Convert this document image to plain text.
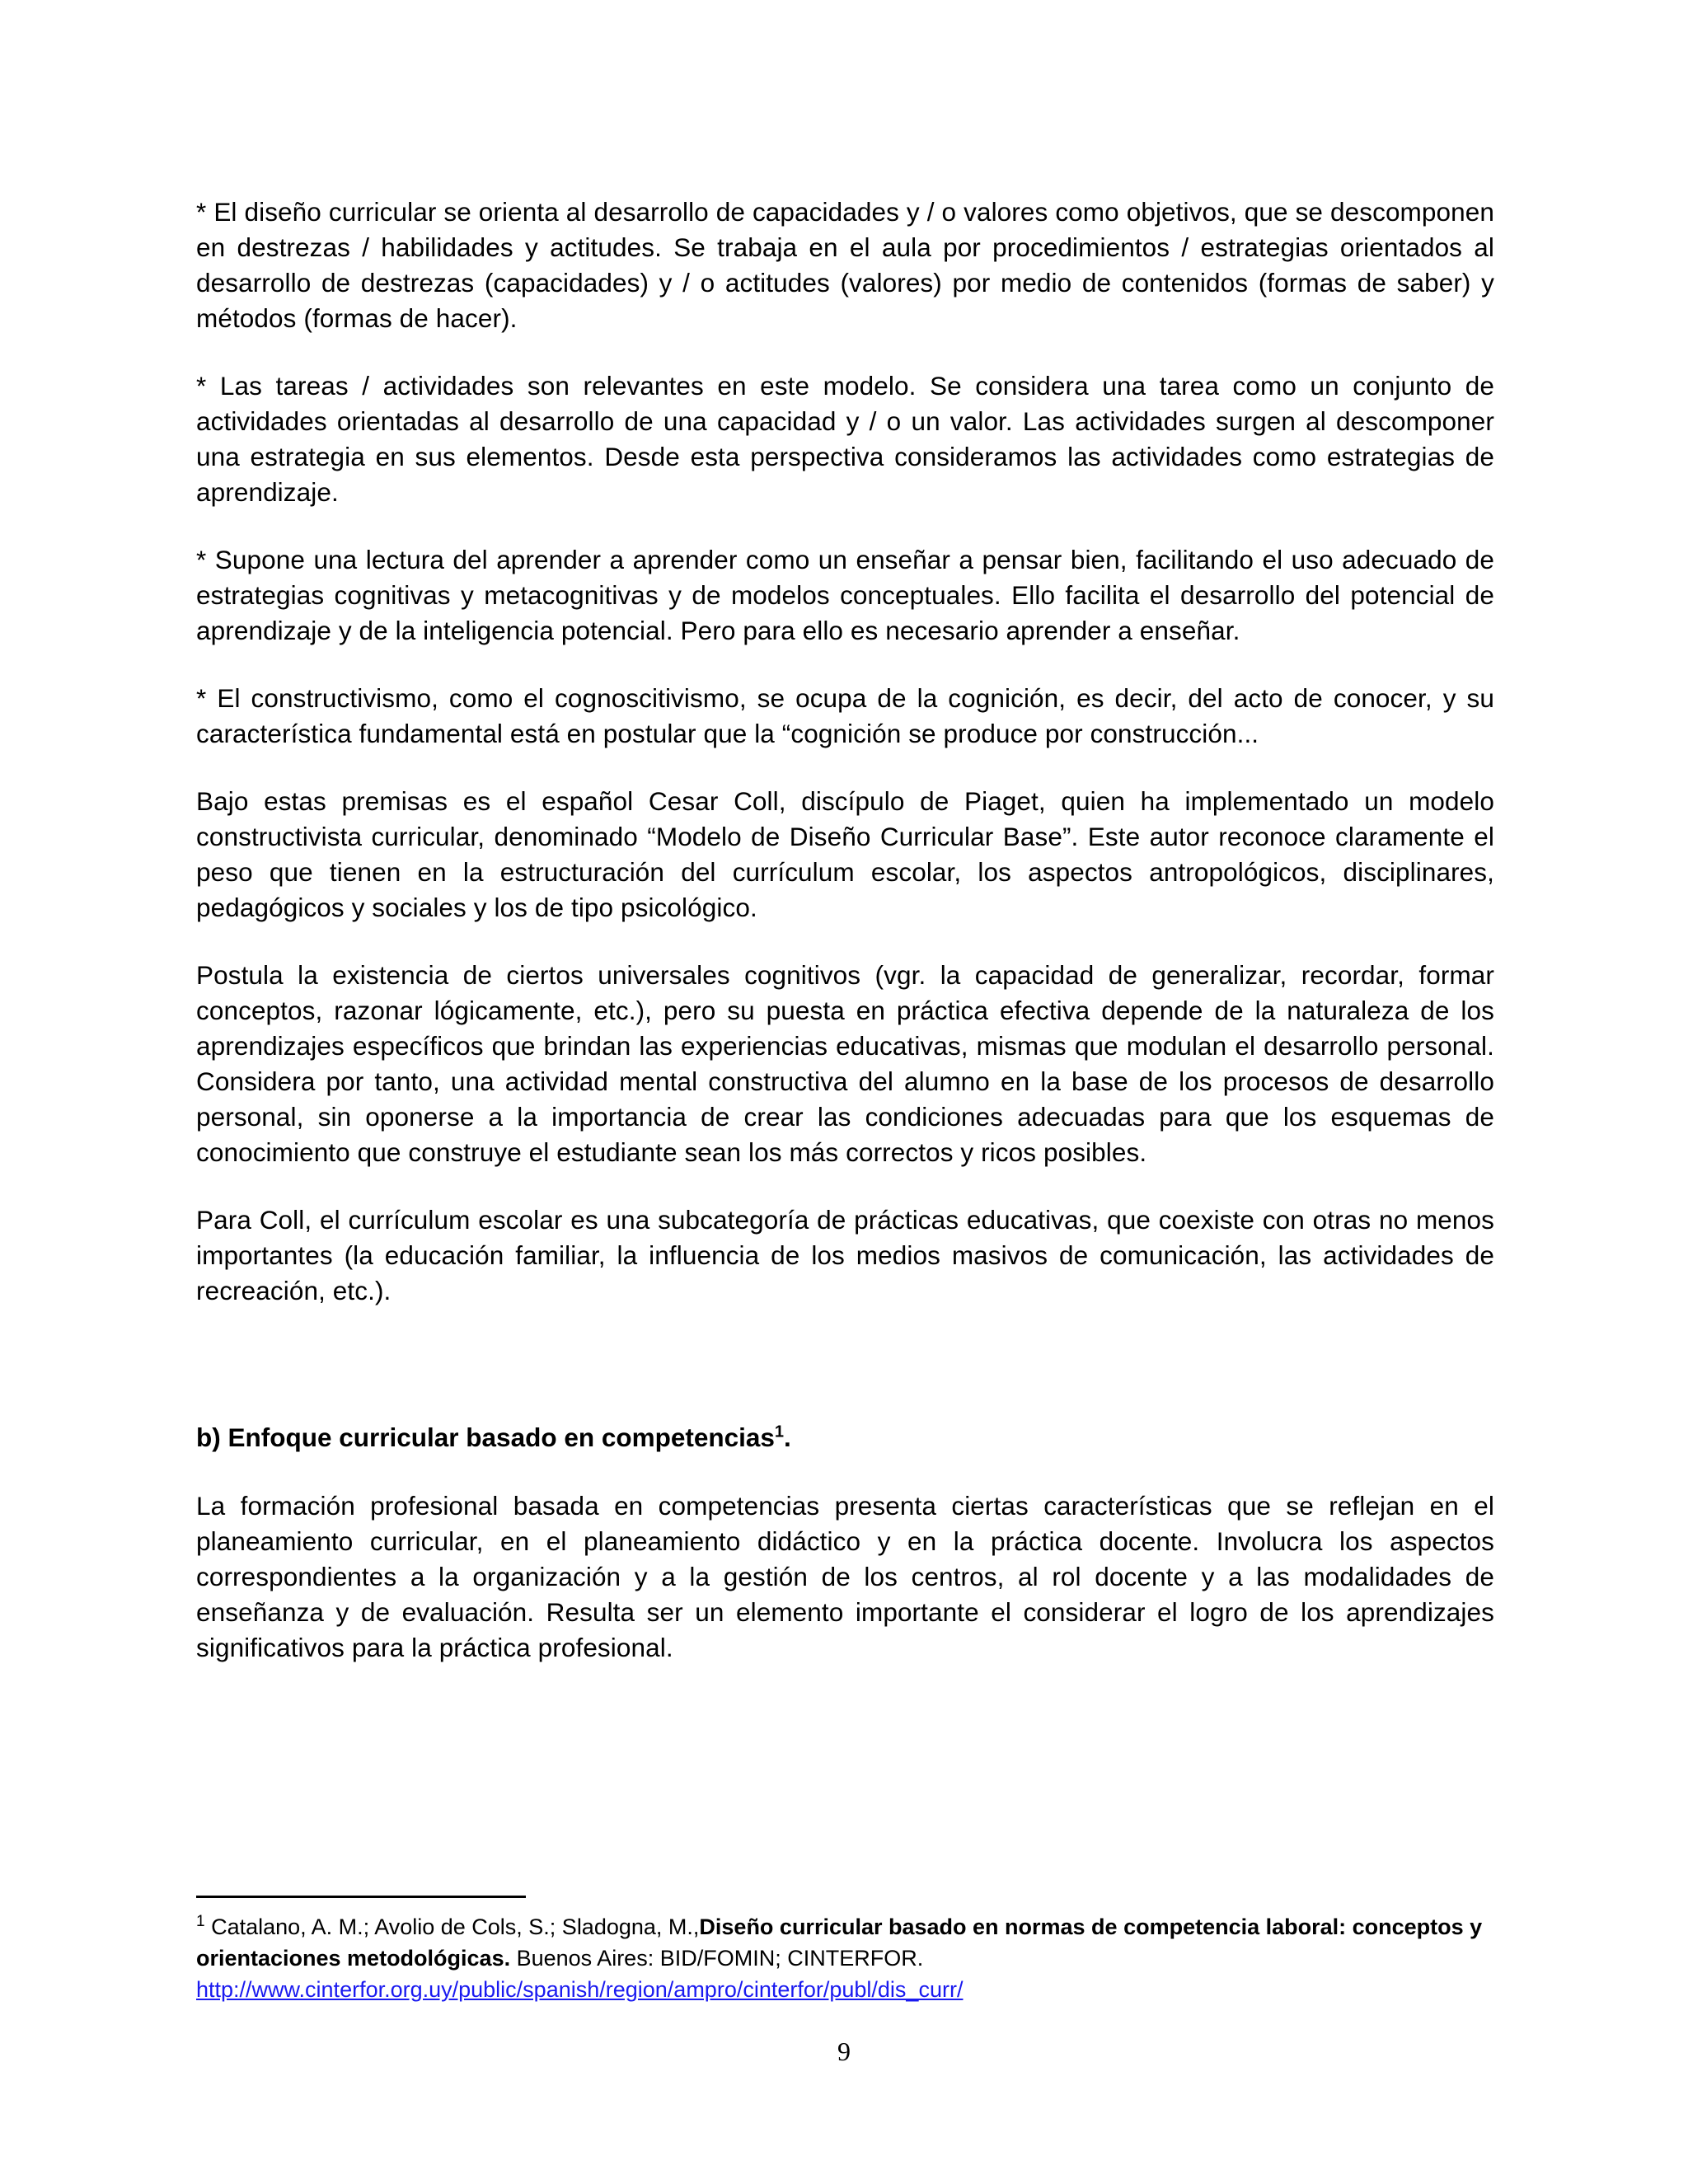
* El diseño curricular se orienta al desarrollo de capacidades y / o valores como objetivos, que se descomponen en destrezas / habilidades y actitudes. Se trabaja en el aula por procedimientos / estrategias orientados al desarrollo de destrezas (capacidades) y / o actitudes (valores) por medio de contenidos (formas de saber) y métodos (formas de hacer).

* Las tareas / actividades son relevantes en este modelo. Se considera una tarea como un conjunto de actividades orientadas al desarrollo de una capacidad y / o un valor. Las actividades surgen al descomponer una estrategia en sus elementos. Desde esta perspectiva consideramos las actividades como estrategias de aprendizaje.

* Supone una lectura del aprender a aprender como un enseñar a pensar bien, facilitando el uso adecuado de estrategias cognitivas y metacognitivas y de modelos conceptuales. Ello facilita el desarrollo del potencial de aprendizaje y de la inteligencia potencial. Pero para ello es necesario aprender a enseñar.

* El constructivismo, como el cognoscitivismo, se ocupa de la cognición, es decir, del acto de conocer, y su característica fundamental está en postular que la “cognición se produce por construcción...

Bajo estas premisas es el español Cesar Coll, discípulo de Piaget, quien ha implementado un modelo constructivista curricular, denominado “Modelo de Diseño Curricular Base”. Este autor reconoce claramente el peso que tienen en la estructuración del currículum escolar, los aspectos antropológicos, disciplinares, pedagógicos y sociales y los de tipo psicológico.

Postula la existencia de ciertos universales cognitivos (vgr. la capacidad de generalizar, recordar, formar conceptos, razonar lógicamente, etc.), pero su puesta en práctica efectiva depende de la naturaleza de los aprendizajes específicos que brindan las experiencias educativas, mismas que modulan el desarrollo personal. Considera por tanto, una actividad mental constructiva del alumno en la base de los procesos de desarrollo personal, sin oponerse a la importancia de crear las condiciones adecuadas para que los esquemas de conocimiento que construye el estudiante sean los más correctos y ricos posibles.

Para Coll, el currículum escolar es una subcategoría de prácticas educativas, que coexiste con otras no menos importantes (la educación familiar, la influencia de los medios masivos de comunicación, las actividades de recreación, etc.).

b) Enfoque curricular basado en competencias$^1$.

La formación profesional basada en competencias presenta ciertas características que se reflejan en el planeamiento curricular, en el planeamiento didáctico y en la práctica docente. Involucra los aspectos correspondientes a la organización y a la gestión de los centros, al rol docente y a las modalidades de enseñanza y de evaluación. Resulta ser un elemento importante el considerar el logro de los aprendizajes significativos para la práctica profesional.

$^1$ Catalano, A. M.; Avolio de Cols, S.; Sladogna, M.,Diseño curricular basado en normas de competencia laboral: conceptos y orientaciones metodológicas. Buenos Aires: BID/FOMIN; CINTERFOR. http://www.cinterfor.org.uy/public/spanish/region/ampro/cinterfor/publ/dis_curr/

9
